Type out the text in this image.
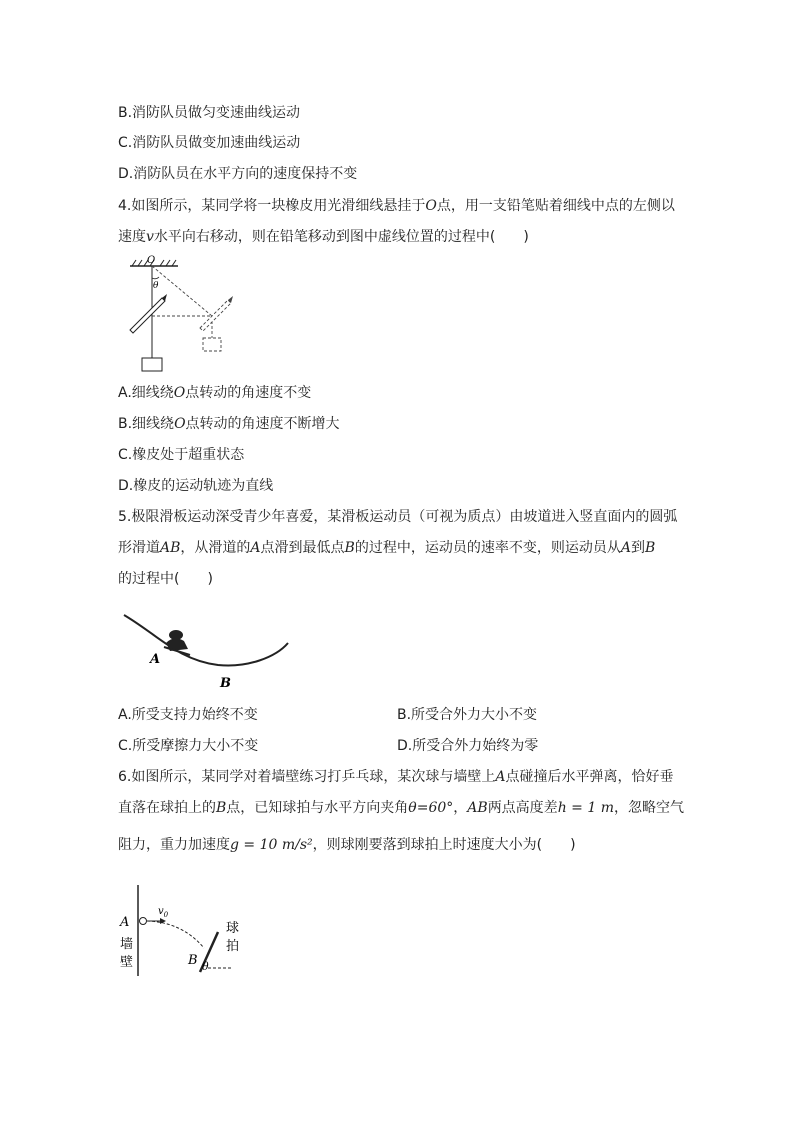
B.消防队员做匀变速曲线运动
C.消防队员做变加速曲线运动
D.消防队员在水平方向的速度保持不变
4.如图所示，某同学将一块橡皮用光滑细线悬挂于O点，用一支铅笔贴着细线中点的左侧以
速度v水平向右移动，则在铅笔移动到图中虚线位置的过程中(　　)
O
θ
A.细线绕O点转动的角速度不变
B.细线绕O点转动的角速度不断增大
C.橡皮处于超重状态
D.橡皮的运动轨迹为直线
5.极限滑板运动深受青少年喜爱，某滑板运动员（可视为质点）由坡道进入竖直面内的圆弧
形滑道AB，从滑道的A点滑到最低点B的过程中，运动员的速率不变，则运动员从A到B
的过程中(　　)
A
B
A.所受支持力始终不变	B.所受合外力大小不变
C.所受摩擦力大小不变	D.所受合外力始终为零
6.如图所示，某同学对着墙壁练习打乒乓球，某次球与墙壁上A点碰撞后水平弹离，恰好垂
直落在球拍上的B点，已知球拍与水平方向夹角θ=60°，AB两点高度差h = 1 m，忽略空气
阻力，重力加速度g = 10 m/s²，则球刚要落到球拍上时速度大小为(　　)
A
$v_0$
墙
壁	B θ
球
拍
